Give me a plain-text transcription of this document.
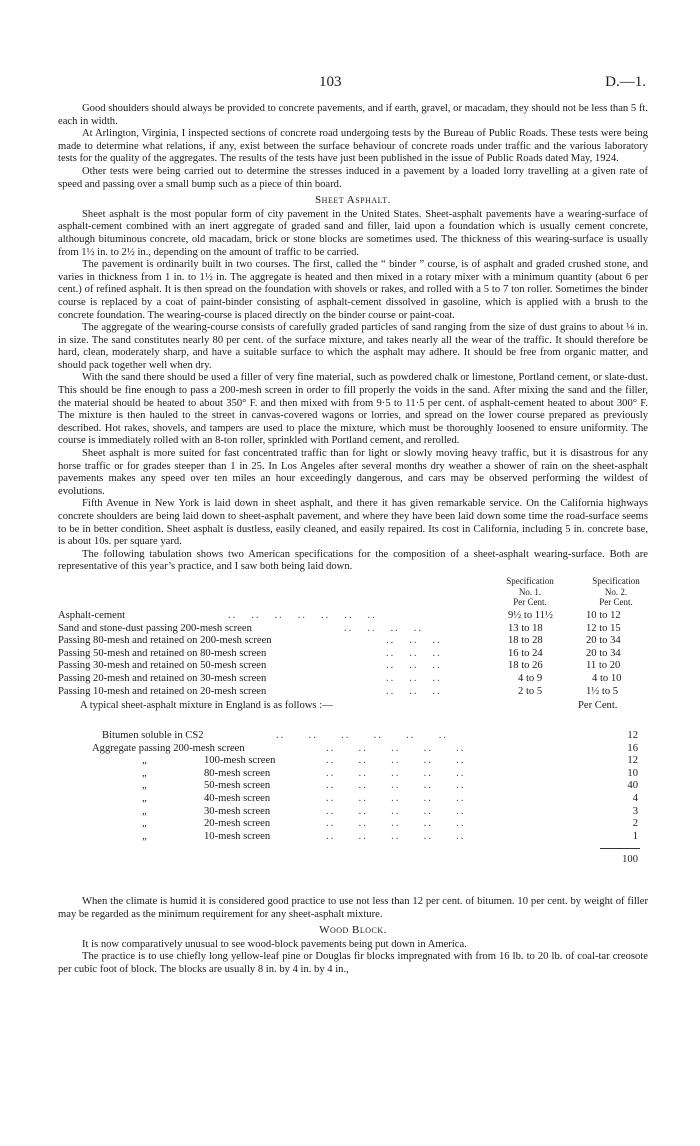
103	D.—1.

Good shoulders should always be provided to concrete pavements, and if earth, gravel, or macadam, they should not be less than 5 ft. each in width.

At Arlington, Virginia, I inspected sections of concrete road undergoing tests by the Bureau of Public Roads. These tests were being made to determine what relations, if any, exist between the surface behaviour of concrete roads under traffic and the various laboratory tests for the quality of the aggregates. The results of the tests have just been published in the issue of Public Roads dated May, 1924.

Other tests were being carried out to determine the stresses induced in a pavement by a loaded lorry travelling at a given rate of speed and passing over a small bump such as a piece of thin board.

Sheet Asphalt.

Sheet asphalt is the most popular form of city pavement in the United States. Sheet-asphalt pavements have a wearing-surface of asphalt-cement combined with an inert aggregate of graded sand and filler, laid upon a foundation which is usually cement concrete, although bituminous concrete, old macadam, brick or stone blocks are sometimes used. The thickness of this wearing-surface is usually from 1½ in. to 2½ in., depending on the amount of traffic to be carried.

The pavement is ordinarily built in two courses. The first, called the “ binder ” course, is of asphalt and graded crushed stone, and varies in thickness from 1 in. to 1½ in. The aggregate is heated and then mixed in a rotary mixer with a minimum quantity (about 6 per cent.) of refined asphalt. It is then spread on the foundation with shovels or rakes, and rolled with a 5 to 7 ton roller. Sometimes the binder course is replaced by a coat of paint-binder consisting of asphalt-cement dissolved in gasoline, which is applied with a brush to the concrete foundation. The wearing-course is placed directly on the binder course or paint-coat.

The aggregate of the wearing-course consists of carefully graded particles of sand ranging from the size of dust grains to about ⅛ in. in size. The sand constitutes nearly 80 per cent. of the surface mixture, and takes nearly all the wear of the traffic. It should therefore be hard, clean, moderately sharp, and have a suitable surface to which the asphalt may adhere. It should be free from organic matter, and should pack together well when dry.

With the sand there should be used a filler of very fine material, such as powdered chalk or limestone, Portland cement, or slate-dust. This should be fine enough to pass a 200-mesh screen in order to fill properly the voids in the sand. After mixing the sand and the filler, the material should be heated to about 350° F. and then mixed with from 9·5 to 11·5 per cent. of asphalt-cement heated to about 300° F. The mixture is then hauled to the street in canvas-covered wagons or lorries, and spread on the lower course prepared as previously described. Hot rakes, shovels, and tampers are used to place the mixture, which must be thoroughly loosened to ensure uniformity. The course is immediately rolled with an 8-ton roller, sprinkled with Portland cement, and rerolled.

Sheet asphalt is more suited for fast concentrated traffic than for light or slowly moving heavy traffic, but it is disastrous for any horse traffic or for grades steeper than 1 in 25. In Los Angeles after several months dry weather a shower of rain on the sheet-asphalt pavements makes any speed over ten miles an hour exceedingly dangerous, and cars may be observed performing the wildest of evolutions.

Fifth Avenue in New York is laid down in sheet asphalt, and there it has given remarkable service. On the California highways concrete shoulders are being laid down to sheet-asphalt pavement, and where they have been laid down some time the road-surface seems to be in better condition. Sheet asphalt is dustless, easily cleaned, and easily repaired. Its cost in California, including 5 in. concrete base, is about 10s. per square yard.

The following tabulation shows two American specifications for the composition of a sheet-asphalt wearing-surface. Both are representative of this year’s practice, and I saw both being laid down.

Specification
No. 1.
Per Cent.
Specification
No. 2.
Per Cent.
Asphalt-cement	..   ..   ..   ..   ..   ..   ..	9½ to 11½	10 to 12
Sand and stone-dust passing 200-mesh screen	..   ..   ..   ..	13 to 18	12 to 15
Passing 80-mesh and retained on 200-mesh screen	..   ..   ..	18 to 28	20 to 34
Passing 50-mesh and retained on 80-mesh screen	..   ..   ..	16 to 24	20 to 34
Passing 30-mesh and retained on 50-mesh screen	..   ..   ..	18 to 26	11 to 20
Passing 20-mesh and retained on 30-mesh screen	..   ..   ..	4 to 9	4 to 10
Passing 10-mesh and retained on 20-mesh screen	..   ..   ..	2 to 5	1½ to 5
A typical sheet-asphalt mixture in England is as follows :—	Per Cent.
Bitumen soluble in CS2	..     ..     ..     ..     ..     ..	12
Aggregate passing 200-mesh screen	..     ..     ..     ..     ..	16
„	100-mesh screen	..     ..     ..     ..     ..	12
„	80-mesh screen	..     ..     ..     ..     ..	10
„	50-mesh screen	..     ..     ..     ..     ..	40
„	40-mesh screen	..     ..     ..     ..     ..	4
„	30-mesh screen	..     ..     ..     ..     ..	3
„	20-mesh screen	..     ..     ..     ..     ..	2
„	10-mesh screen	..     ..     ..     ..     ..	1
100

When the climate is humid it is considered good practice to use not less than 12 per cent. of bitumen. 10 per cent. by weight of filler may be regarded as the minimum requirement for any sheet-asphalt mixture.

Wood Block.

It is now comparatively unusual to see wood-block pavements being put down in America.

The practice is to use chiefly long yellow-leaf pine or Douglas fir blocks impregnated with from 16 lb. to 20 lb. of coal-tar creosote per cubic foot of block. The blocks are usually 8 in. by 4 in. by 4 in.,
